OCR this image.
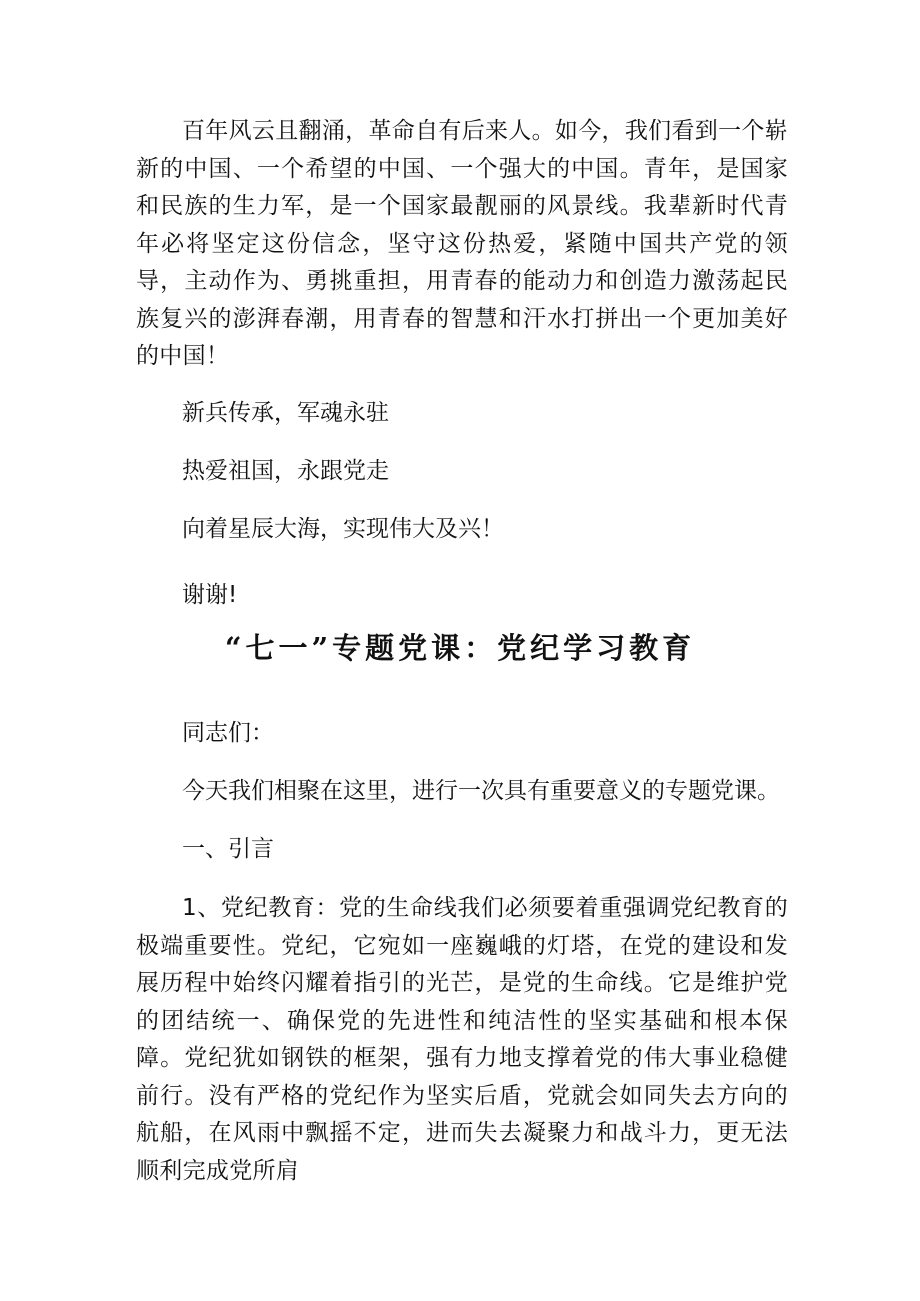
百年风云且翻涌，革命自有后来人。如今，我们看到一个崭新的中国、一个希望的中国、一个强大的中国。青年，是国家和民族的生力军，是一个国家最靓丽的风景线。我辈新时代青年必将坚定这份信念，坚守这份热爱，紧随中国共产党的领导，主动作为、勇挑重担，用青春的能动力和创造力激荡起民族复兴的澎湃春潮，用青春的智慧和汗水打拼出一个更加美好的中国！

新兵传承，军魂永驻
热爱祖国，永跟党走
向着星辰大海，实现伟大及兴！
谢谢!
“七一”专题党课：党纪学习教育
同志们：
今天我们相聚在这里，进行一次具有重要意义的专题党课。
一、引言

1、党纪教育：党的生命线我们必须要着重强调党纪教育的极端重要性。党纪，它宛如一座巍峨的灯塔，在党的建设和发展历程中始终闪耀着指引的光芒，是党的生命线。它是维护党的团结统一、确保党的先进性和纯洁性的坚实基础和根本保障。党纪犹如钢铁的框架，强有力地支撑着党的伟大事业稳健前行。没有严格的党纪作为坚实后盾，党就会如同失去方向的航船，在风雨中飘摇不定，进而失去凝聚力和战斗力，更无法顺利完成党所肩
